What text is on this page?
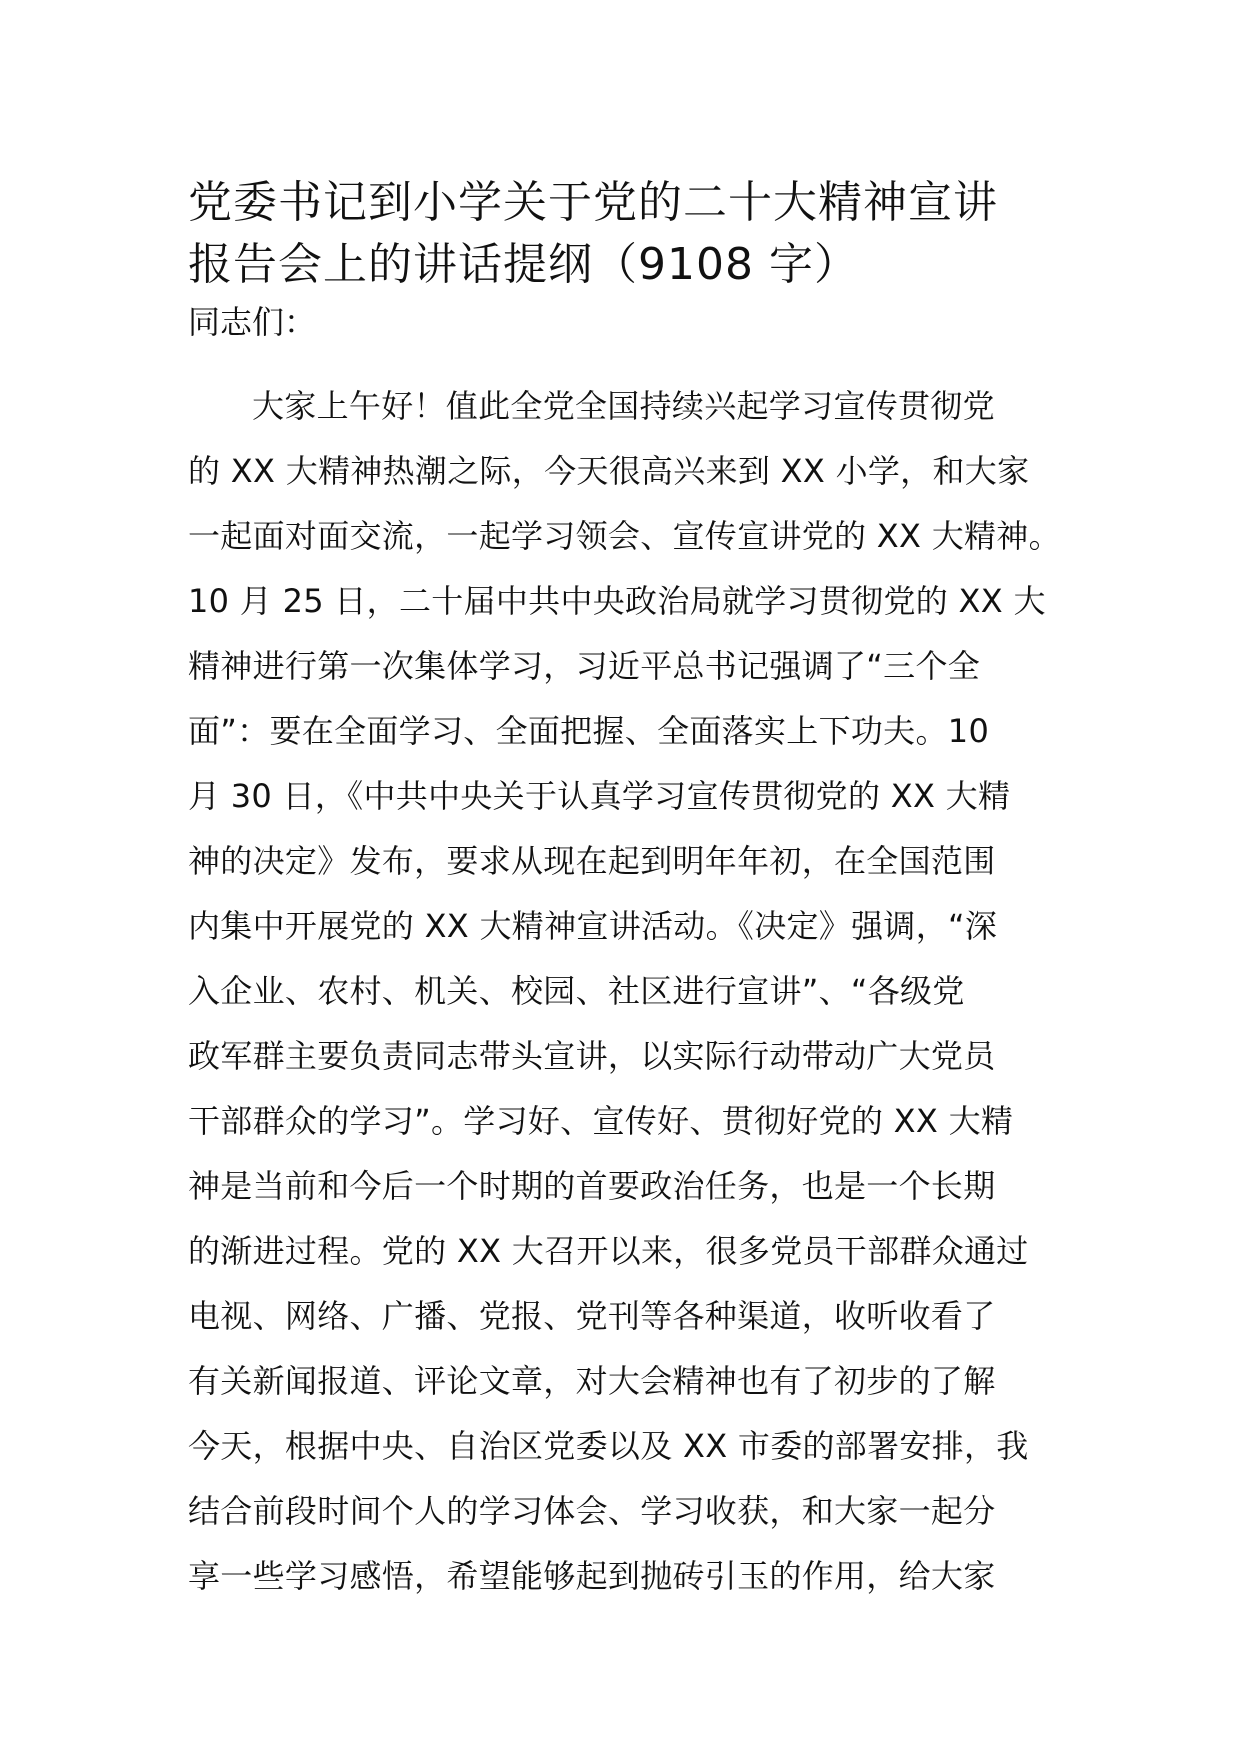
党委书记到小学关于党的二十大精神宣讲
报告会上的讲话提纲（9108 字）

同志们：

大家上午好！值此全党全国持续兴起学习宣传贯彻党
的 XX 大精神热潮之际，今天很高兴来到 XX 小学，和大家
一起面对面交流，一起学习领会、宣传宣讲党的 XX 大精神。
10 月 25 日，二十届中共中央政治局就学习贯彻党的 XX 大
精神进行第一次集体学习，习近平总书记强调了“三个全
面”：要在全面学习、全面把握、全面落实上下功夫。10
月 30 日，《中共中央关于认真学习宣传贯彻党的 XX 大精
神的决定》发布，要求从现在起到明年年初，在全国范围
内集中开展党的 XX 大精神宣讲活动。《决定》强调，“深
入企业、农村、机关、校园、社区进行宣讲”、“各级党
政军群主要负责同志带头宣讲，以实际行动带动广大党员
干部群众的学习”。学习好、宣传好、贯彻好党的 XX 大精
神是当前和今后一个时期的首要政治任务，也是一个长期
的渐进过程。党的 XX 大召开以来，很多党员干部群众通过
电视、网络、广播、党报、党刊等各种渠道，收听收看了
有关新闻报道、评论文章，对大会精神也有了初步的了解
今天，根据中央、自治区党委以及 XX 市委的部署安排，我
结合前段时间个人的学习体会、学习收获，和大家一起分
享一些学习感悟，希望能够起到抛砖引玉的作用，给大家
